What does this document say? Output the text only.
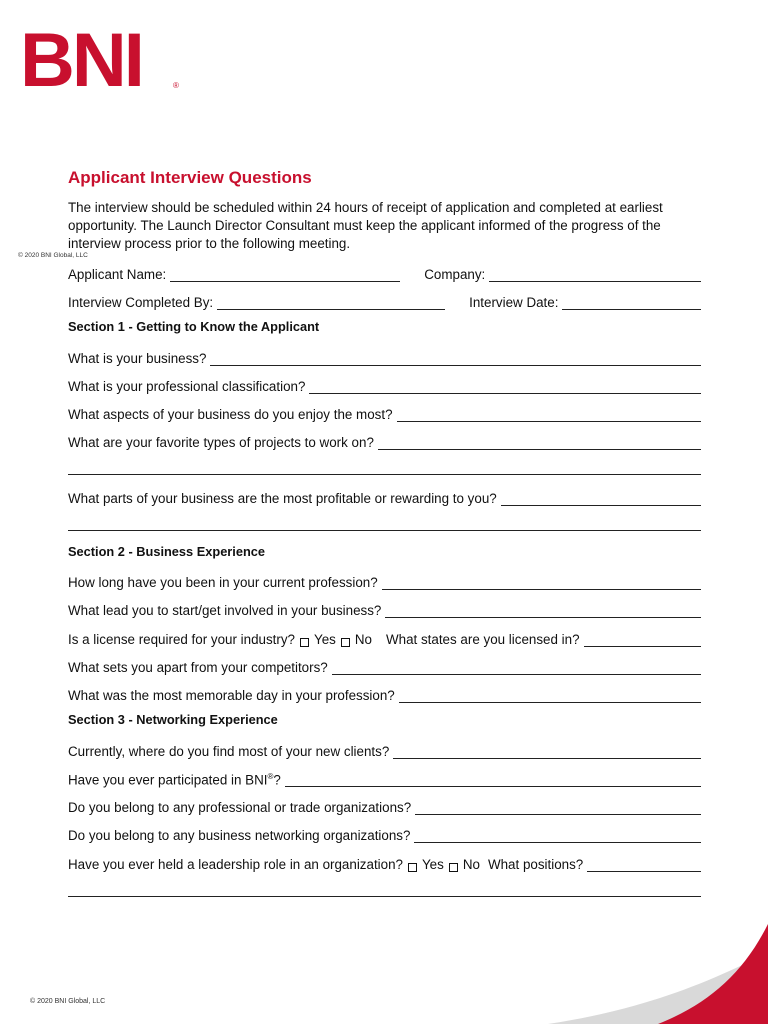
BNI	®
© 2020 BNI Global, LLC
Applicant Interview Questions
The interview should be scheduled within 24 hours of receipt of application and completed at earliest opportunity. The Launch Director Consultant must keep the applicant informed of the progress of the interview process prior to the following meeting.
Applicant Name:	Company:
Interview Completed By:	Interview Date:
Section 1 - Getting to Know the Applicant
What is your business?
What is your professional classification?
What aspects of your business do you enjoy the most?
What are your favorite types of projects to work on?
What parts of your business are the most profitable or rewarding to you?
Section 2 - Business Experience
How long have you been in your current profession?
What lead you to start/get involved in your business?
Is a license required for your industry? Yes No What states are you licensed in?
What sets you apart from your competitors?
What was the most memorable day in your profession?
Section 3 - Networking Experience
Currently, where do you find most of your new clients?
Have you ever participated in BNI®?
Do you belong to any professional or trade organizations?
Do you belong to any business networking organizations?
Have you ever held a leadership role in an organization? Yes No What positions?
© 2020 BNI Global, LLC
